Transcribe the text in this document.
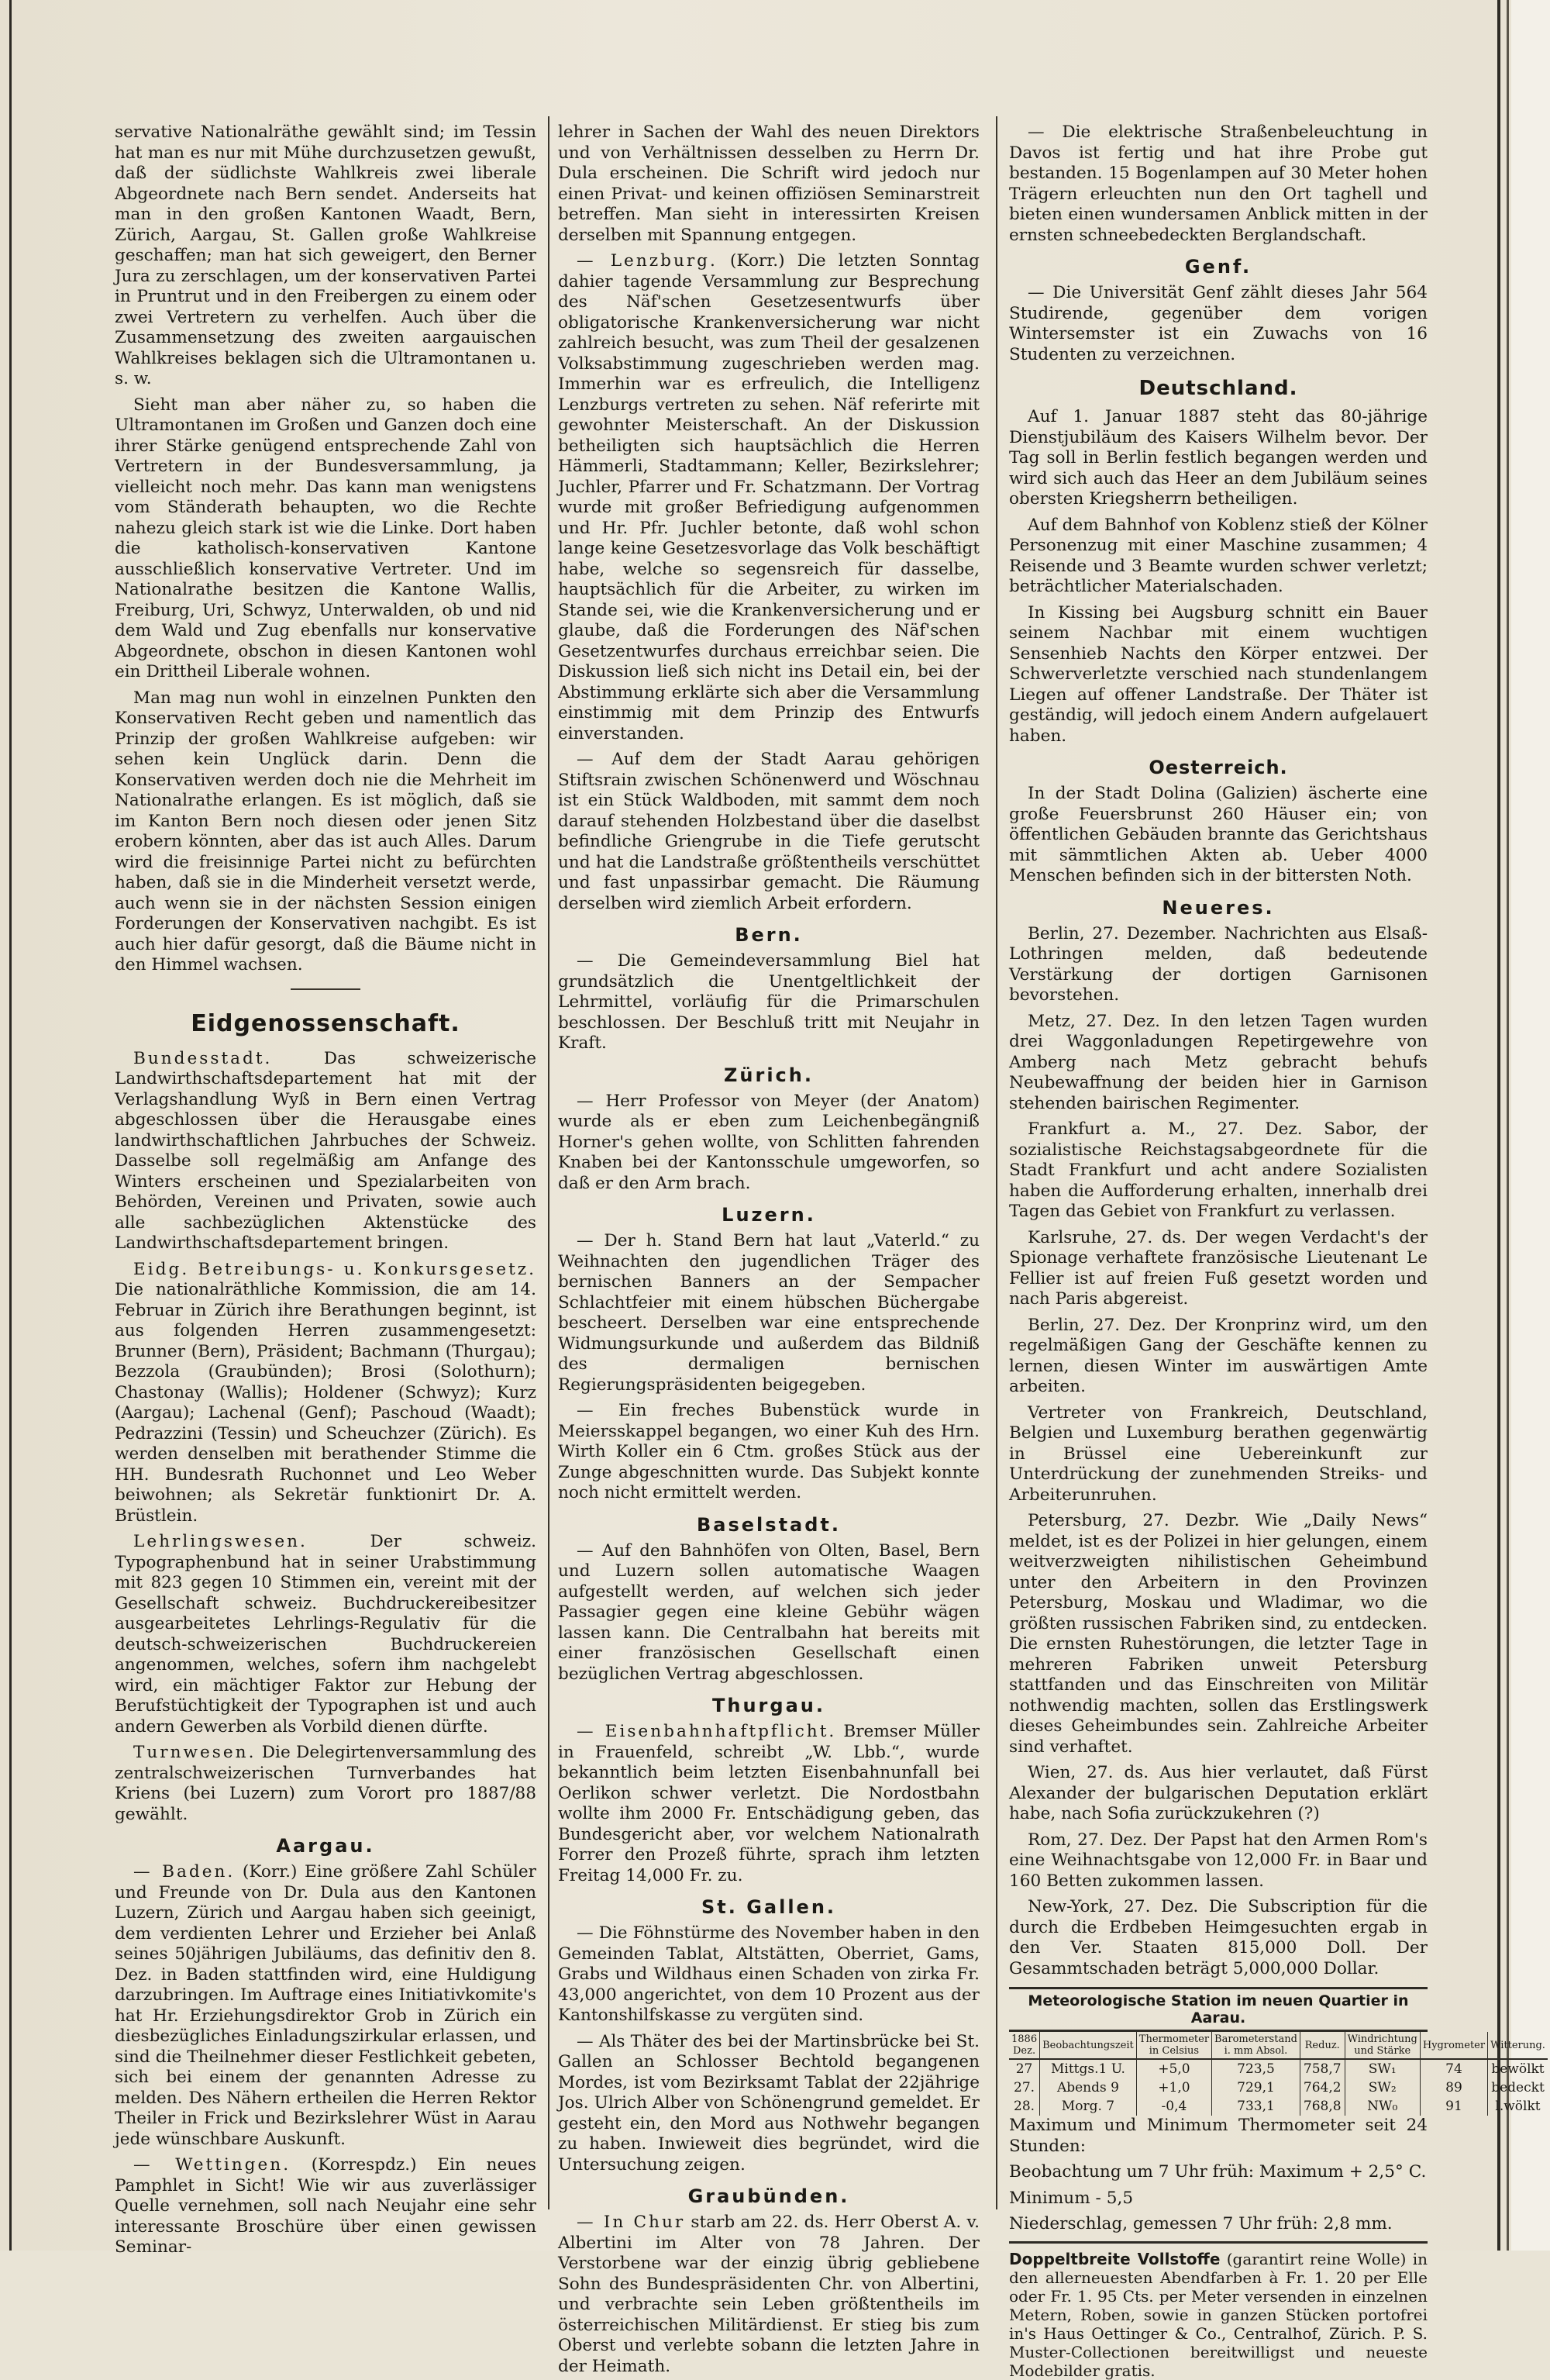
servative Nationalräthe gewählt sind; im Tessin hat man es nur mit Mühe durchzusetzen gewußt, daß der südlichste Wahlkreis zwei liberale Abgeordnete nach Bern sendet. Anderseits hat man in den großen Kantonen Waadt, Bern, Zürich, Aargau, St. Gallen große Wahlkreise geschaffen; man hat sich geweigert, den Berner Jura zu zerschlagen, um der konservativen Partei in Pruntrut und in den Freibergen zu einem oder zwei Vertretern zu verhelfen. Auch über die Zusammensetzung des zweiten aargauischen Wahlkreises beklagen sich die Ultramontanen u. s. w.

Sieht man aber näher zu, so haben die Ultramontanen im Großen und Ganzen doch eine ihrer Stärke genügend entsprechende Zahl von Vertretern in der Bundesversammlung, ja vielleicht noch mehr. Das kann man wenigstens vom Ständerath behaupten, wo die Rechte nahezu gleich stark ist wie die Linke. Dort haben die katholisch-konservativen Kantone ausschließlich konservative Vertreter. Und im Nationalrathe besitzen die Kantone Wallis, Freiburg, Uri, Schwyz, Unterwalden, ob und nid dem Wald und Zug ebenfalls nur konservative Abgeordnete, obschon in diesen Kantonen wohl ein Drittheil Liberale wohnen.

Man mag nun wohl in einzelnen Punkten den Konservativen Recht geben und namentlich das Prinzip der großen Wahlkreise aufgeben: wir sehen kein Unglück darin. Denn die Konservativen werden doch nie die Mehrheit im Nationalrathe erlangen. Es ist möglich, daß sie im Kanton Bern noch diesen oder jenen Sitz erobern könnten, aber das ist auch Alles. Darum wird die freisinnige Partei nicht zu befürchten haben, daß sie in die Minderheit versetzt werde, auch wenn sie in der nächsten Session einigen Forderungen der Konservativen nachgibt. Es ist auch hier dafür gesorgt, daß die Bäume nicht in den Himmel wachsen.

Eidgenossenschaft.

Bundesstadt. Das schweizerische Landwirthschaftsdepartement hat mit der Verlagshandlung Wyß in Bern einen Vertrag abgeschlossen über die Herausgabe eines landwirthschaftlichen Jahrbuches der Schweiz. Dasselbe soll regelmäßig am Anfange des Winters erscheinen und Spezialarbeiten von Behörden, Vereinen und Privaten, sowie auch alle sachbezüglichen Aktenstücke des Landwirthschaftsdepartement bringen.

Eidg. Betreibungs- u. Konkursgesetz. Die nationalräthliche Kommission, die am 14. Februar in Zürich ihre Berathungen beginnt, ist aus folgenden Herren zusammengesetzt: Brunner (Bern), Präsident; Bachmann (Thurgau); Bezzola (Graubünden); Brosi (Solothurn); Chastonay (Wallis); Holdener (Schwyz); Kurz (Aargau); Lachenal (Genf); Paschoud (Waadt); Pedrazzini (Tessin) und Scheuchzer (Zürich). Es werden denselben mit berathender Stimme die HH. Bundesrath Ruchonnet und Leo Weber beiwohnen; als Sekretär funktionirt Dr. A. Brüstlein.

Lehrlingswesen. Der schweiz. Typographenbund hat in seiner Urabstimmung mit 823 gegen 10 Stimmen ein, vereint mit der Gesellschaft schweiz. Buchdruckereibesitzer ausgearbeitetes Lehrlings-Regulativ für die deutsch-schweizerischen Buchdruckereien angenommen, welches, sofern ihm nachgelebt wird, ein mächtiger Faktor zur Hebung der Berufstüchtigkeit der Typographen ist und auch andern Gewerben als Vorbild dienen dürfte.

Turnwesen. Die Delegirtenversammlung des zentralschweizerischen Turnverbandes hat Kriens (bei Luzern) zum Vorort pro 1887/88 gewählt.

Aargau.

— Baden. (Korr.) Eine größere Zahl Schüler und Freunde von Dr. Dula aus den Kantonen Luzern, Zürich und Aargau haben sich geeinigt, dem verdienten Lehrer und Erzieher bei Anlaß seines 50jährigen Jubiläums, das definitiv den 8. Dez. in Baden stattfinden wird, eine Huldigung darzubringen. Im Auftrage eines Initiativkomite's hat Hr. Erziehungsdirektor Grob in Zürich ein diesbezügliches Einladungszirkular erlassen, und sind die Theilnehmer dieser Festlichkeit gebeten, sich bei einem der genannten Adresse zu melden. Des Nähern ertheilen die Herren Rektor Theiler in Frick und Bezirkslehrer Wüst in Aarau jede wünschbare Auskunft.

— Wettingen. (Korrespdz.) Ein neues Pamphlet in Sicht! Wie wir aus zuverlässiger Quelle vernehmen, soll nach Neujahr eine sehr interessante Broschüre über einen gewissen Seminar-

lehrer in Sachen der Wahl des neuen Direktors und von Verhältnissen desselben zu Herrn Dr. Dula erscheinen. Die Schrift wird jedoch nur einen Privat- und keinen offiziösen Seminarstreit betreffen. Man sieht in interessirten Kreisen derselben mit Spannung entgegen.

— Lenzburg. (Korr.) Die letzten Sonntag dahier tagende Versammlung zur Besprechung des Näf'schen Gesetzesentwurfs über obligatorische Krankenversicherung war nicht zahlreich besucht, was zum Theil der gesalzenen Volksabstimmung zugeschrieben werden mag. Immerhin war es erfreulich, die Intelligenz Lenzburgs vertreten zu sehen. Näf referirte mit gewohnter Meisterschaft. An der Diskussion betheiligten sich hauptsächlich die Herren Hämmerli, Stadtammann; Keller, Bezirkslehrer; Juchler, Pfarrer und Fr. Schatzmann. Der Vortrag wurde mit großer Befriedigung aufgenommen und Hr. Pfr. Juchler betonte, daß wohl schon lange keine Gesetzesvorlage das Volk beschäftigt habe, welche so segensreich für dasselbe, hauptsächlich für die Arbeiter, zu wirken im Stande sei, wie die Krankenversicherung und er glaube, daß die Forderungen des Näf'schen Gesetzentwurfes durchaus erreichbar seien. Die Diskussion ließ sich nicht ins Detail ein, bei der Abstimmung erklärte sich aber die Versammlung einstimmig mit dem Prinzip des Entwurfs einverstanden.

— Auf dem der Stadt Aarau gehörigen Stiftsrain zwischen Schönenwerd und Wöschnau ist ein Stück Waldboden, mit sammt dem noch darauf stehenden Holzbestand über die daselbst befindliche Griengrube in die Tiefe gerutscht und hat die Landstraße größtentheils verschüttet und fast unpassirbar gemacht. Die Räumung derselben wird ziemlich Arbeit erfordern.

Bern.

— Die Gemeindeversammlung Biel hat grundsätzlich die Unentgeltlichkeit der Lehrmittel, vorläufig für die Primarschulen beschlossen. Der Beschluß tritt mit Neujahr in Kraft.

Zürich.

— Herr Professor von Meyer (der Anatom) wurde als er eben zum Leichenbegängniß Horner's gehen wollte, von Schlitten fahrenden Knaben bei der Kantonsschule umgeworfen, so daß er den Arm brach.

Luzern.

— Der h. Stand Bern hat laut „Vaterld.“ zu Weihnachten den jugendlichen Träger des bernischen Banners an der Sempacher Schlachtfeier mit einem hübschen Büchergabe bescheert. Derselben war eine entsprechende Widmungsurkunde und außerdem das Bildniß des dermaligen bernischen Regierungspräsidenten beigegeben.

— Ein freches Bubenstück wurde in Meiersskappel begangen, wo einer Kuh des Hrn. Wirth Koller ein 6 Ctm. großes Stück aus der Zunge abgeschnitten wurde. Das Subjekt konnte noch nicht ermittelt werden.

Baselstadt.

— Auf den Bahnhöfen von Olten, Basel, Bern und Luzern sollen automatische Waagen aufgestellt werden, auf welchen sich jeder Passagier gegen eine kleine Gebühr wägen lassen kann. Die Centralbahn hat bereits mit einer französischen Gesellschaft einen bezüglichen Vertrag abgeschlossen.

Thurgau.

— Eisenbahnhaftpflicht. Bremser Müller in Frauenfeld, schreibt „W. Lbb.“, wurde bekanntlich beim letzten Eisenbahnunfall bei Oerlikon schwer verletzt. Die Nordostbahn wollte ihm 2000 Fr. Entschädigung geben, das Bundesgericht aber, vor welchem Nationalrath Forrer den Prozeß führte, sprach ihm letzten Freitag 14,000 Fr. zu.

St. Gallen.

— Die Föhnstürme des November haben in den Gemeinden Tablat, Altstätten, Oberriet, Gams, Grabs und Wildhaus einen Schaden von zirka Fr. 43,000 angerichtet, von dem 10 Prozent aus der Kantonshilfskasse zu vergüten sind.

— Als Thäter des bei der Martinsbrücke bei St. Gallen an Schlosser Bechtold begangenen Mordes, ist vom Bezirksamt Tablat der 22jährige Jos. Ulrich Alber von Schönengrund gemeldet. Er gesteht ein, den Mord aus Nothwehr begangen zu haben. Inwieweit dies begründet, wird die Untersuchung zeigen.

Graubünden.

— In Chur starb am 22. ds. Herr Oberst A. v. Albertini im Alter von 78 Jahren. Der Verstorbene war der einzig übrig gebliebene Sohn des Bundespräsidenten Chr. von Albertini, und verbrachte sein Leben größtentheils im österreichischen Militärdienst. Er stieg bis zum Oberst und verlebte sobann die letzten Jahre in der Heimath.

— Die elektrische Straßenbeleuchtung in Davos ist fertig und hat ihre Probe gut bestanden. 15 Bogenlampen auf 30 Meter hohen Trägern erleuchten nun den Ort taghell und bieten einen wundersamen Anblick mitten in der ernsten schneebedeckten Berglandschaft.

Genf.

— Die Universität Genf zählt dieses Jahr 564 Studirende, gegenüber dem vorigen Wintersemster ist ein Zuwachs von 16 Studenten zu verzeichnen.

Deutschland.

Auf 1. Januar 1887 steht das 80-jährige Dienstjubiläum des Kaisers Wilhelm bevor. Der Tag soll in Berlin festlich begangen werden und wird sich auch das Heer an dem Jubiläum seines obersten Kriegsherrn betheiligen.

Auf dem Bahnhof von Koblenz stieß der Kölner Personenzug mit einer Maschine zusammen; 4 Reisende und 3 Beamte wurden schwer verletzt; beträchtlicher Materialschaden.

In Kissing bei Augsburg schnitt ein Bauer seinem Nachbar mit einem wuchtigen Sensenhieb Nachts den Körper entzwei. Der Schwerverletzte verschied nach stundenlangem Liegen auf offener Landstraße. Der Thäter ist geständig, will jedoch einem Andern aufgelauert haben.

Oesterreich.

In der Stadt Dolina (Galizien) äscherte eine große Feuersbrunst 260 Häuser ein; von öffentlichen Gebäuden brannte das Gerichtshaus mit sämmtlichen Akten ab. Ueber 4000 Menschen befinden sich in der bittersten Noth.

Neueres.

Berlin, 27. Dezember. Nachrichten aus Elsaß-Lothringen melden, daß bedeutende Verstärkung der dortigen Garnisonen bevorstehen.

Metz, 27. Dez. In den letzen Tagen wurden drei Waggonladungen Repetirgewehre von Amberg nach Metz gebracht behufs Neubewaffnung der beiden hier in Garnison stehenden bairischen Regimenter.

Frankfurt a. M., 27. Dez. Sabor, der sozialistische Reichstagsabgeordnete für die Stadt Frankfurt und acht andere Sozialisten haben die Aufforderung erhalten, innerhalb drei Tagen das Gebiet von Frankfurt zu verlassen.

Karlsruhe, 27. ds. Der wegen Verdacht's der Spionage verhaftete französische Lieutenant Le Fellier ist auf freien Fuß gesetzt worden und nach Paris abgereist.

Berlin, 27. Dez. Der Kronprinz wird, um den regelmäßigen Gang der Geschäfte kennen zu lernen, diesen Winter im auswärtigen Amte arbeiten.

Vertreter von Frankreich, Deutschland, Belgien und Luxemburg berathen gegenwärtig in Brüssel eine Uebereinkunft zur Unterdrückung der zunehmenden Streiks- und Arbeiterunruhen.

Petersburg, 27. Dezbr. Wie „Daily News“ meldet, ist es der Polizei in hier gelungen, einem weitverzweigten nihilistischen Geheimbund unter den Arbeitern in den Provinzen Petersburg, Moskau und Wladimar, wo die größten russischen Fabriken sind, zu entdecken. Die ernsten Ruhestörungen, die letzter Tage in mehreren Fabriken unweit Petersburg stattfanden und das Einschreiten von Militär nothwendig machten, sollen das Erstlingswerk dieses Geheimbundes sein. Zahlreiche Arbeiter sind verhaftet.

Wien, 27. ds. Aus hier verlautet, daß Fürst Alexander der bulgarischen Deputation erklärt habe, nach Sofia zurückzukehren (?)

Rom, 27. Dez. Der Papst hat den Armen Rom's eine Weihnachtsgabe von 12,000 Fr. in Baar und 160 Betten zukommen lassen.

New-York, 27. Dez. Die Subscription für die durch die Erdbeben Heimgesuchten ergab in den Ver. Staaten 815,000 Doll. Der Gesammtschaden beträgt 5,000,000 Dollar.

Meteorologische Station im neuen Quartier in Aarau.
1886 Dez.	Beobachtungszeit	Thermometer in Celsius	Barometerstand i. mm Absol.	Reduz.	Windrichtung und Stärke	Hygrometer	Witterung.
27	Mittgs.1 U.	+5,0	723,5	758,7	SW₁	74	bewölkt
27.	Abends 9	+1,0	729,1	764,2	SW₂	89	bedeckt
28.	Morg. 7	-0,4	733,1	768,8	NW₀	91	l.wölkt

Maximum und Minimum Thermometer seit 24 Stunden:

Beobachtung um 7 Uhr früh: Maximum + 2,5° C.

Minimum - 5,5

Niederschlag, gemessen 7 Uhr früh: 2,8 mm.

Doppeltbreite Vollstoffe (garantirt reine Wolle) in den allerneuesten Abendfarben à Fr. 1. 20 per Elle oder Fr. 1. 95 Cts. per Meter versenden in einzelnen Metern, Roben, sowie in ganzen Stücken portofrei in's Haus Oettinger & Co., Centralhof, Zürich. P. S. Muster-Collectionen bereitwilligst und neueste Modebilder gratis.
